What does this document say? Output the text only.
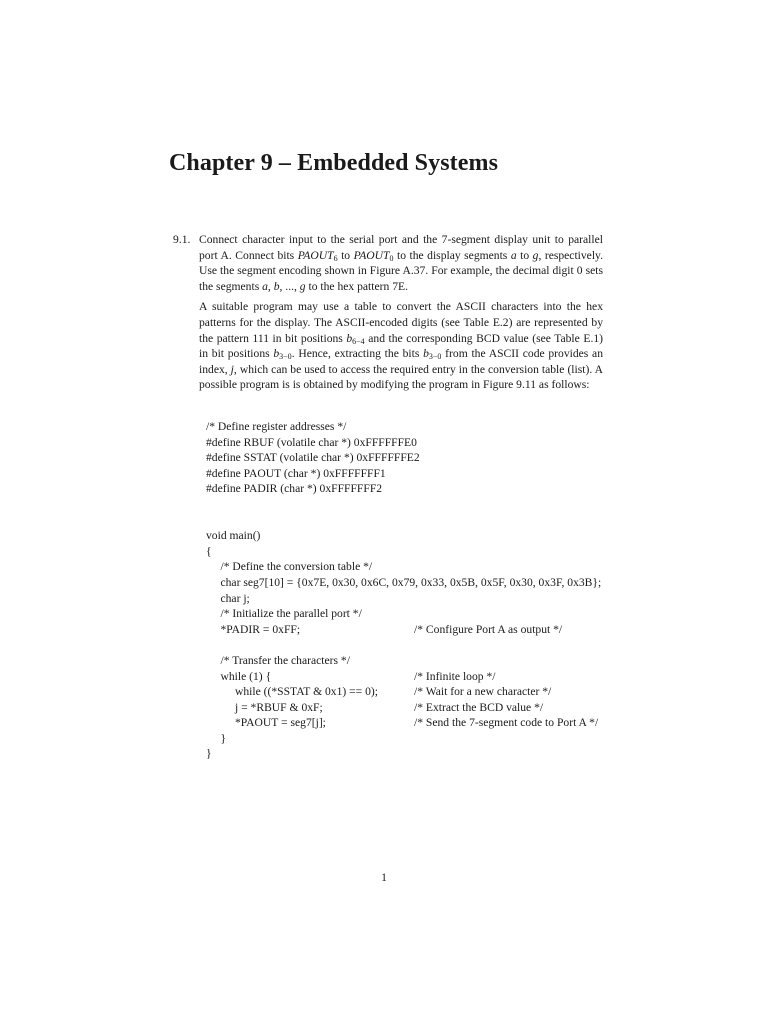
Chapter 9 – Embedded Systems
9.1. Connect character input to the serial port and the 7-segment display unit to parallel port A. Connect bits $PAOUT_6$ to $PAOUT_0$ to the display segments a to g, respectively. Use the segment encoding shown in Figure A.37. For example, the decimal digit 0 sets the segments a, b, ..., g to the hex pattern 7E.

A suitable program may use a table to convert the ASCII characters into the hex patterns for the display. The ASCII-encoded digits (see Table E.2) are represented by the pattern 111 in bit positions $b_{6-4}$ and the corresponding BCD value (see Table E.1) in bit positions $b_{3-0}$. Hence, extracting the bits $b_{3-0}$ from the ASCII code provides an index, j, which can be used to access the required entry in the conversion table (list). A possible program is is obtained by modifying the program in Figure 9.11 as follows:

/* Define register addresses */
#define RBUF (volatile char *) 0xFFFFFFE0
#define SSTAT (volatile char *) 0xFFFFFFE2
#define PAOUT (char *) 0xFFFFFFF1
#define PADIR (char *) 0xFFFFFFF2
void main()
{
/* Define the conversion table */
char seg7[10] = {0x7E, 0x30, 0x6C, 0x79, 0x33, 0x5B, 0x5F, 0x30, 0x3F, 0x3B};
char j;
/* Initialize the parallel port */
*PADIR = 0xFF;	/* Configure Port A as output */
/* Transfer the characters */
while (1) {	/* Infinite loop */
while ((*SSTAT & 0x1) == 0);	/* Wait for a new character */
j = *RBUF & 0xF;	/* Extract the BCD value */
*PAOUT = seg7[j];	/* Send the 7-segment code to Port A */
}
}
1
